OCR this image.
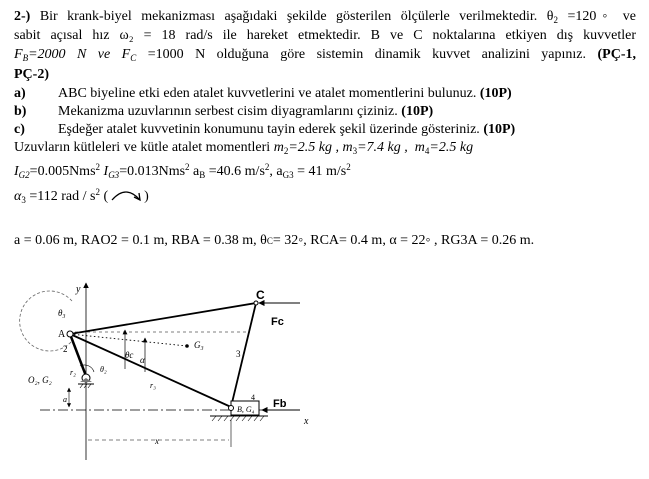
2-) Bir krank-biyel mekanizması aşağıdaki şekilde gösterilen ölçülerle verilmektedir. $\theta_2$ =120◦ ve
sabit açısal hız ω₂ = 18 rad/s ile hareket etmektedir. B ve C noktalarına etkiyen dış kuvvetler
$F_B=2000$ N ve $F_C =1000$ N olduğuna göre sistemin dinamik kuvvet analizini yapınız. (PÇ-1,
PÇ-2)
a) ABC biyeline etki eden atalet kuvvetlerini ve atalet momentlerini bulunuz. (10P)
b) Mekanizma uzuvlarının serbest cisim diyagramlarını çiziniz. (10P)
c) Eşdeğer atalet kuvvetinin konumunu tayin ederek şekil üzerinde gösteriniz. (10P)
Uzuvların kütleleri ve kütle atalet momentleri $m_2=2.5$ kg , $m_3=7.4$ kg , $m_4=2.5$ kg
$I_{G2}=0.005Nms^2$ $I_{G3}=0.013Nms^2$ $a_B =40.6$ $m/s^2$, $a_{G3} = 41$ $m/s^2$
$\alpha_3 =112$ rad / $s^2$ (	)
a = 0.06 m, RAO2 = 0.1 m, RBA = 0.38 m, θC= 32◦, RCA= 0.4 m, α = 22◦ , RG3A = 0.26 m.
θ₃
y
x
2	3
G₃
θc α
r₂	θ₂
r₃
O₂, G₂
A
a
B, G₄
4
x
C
Fc
Fb
